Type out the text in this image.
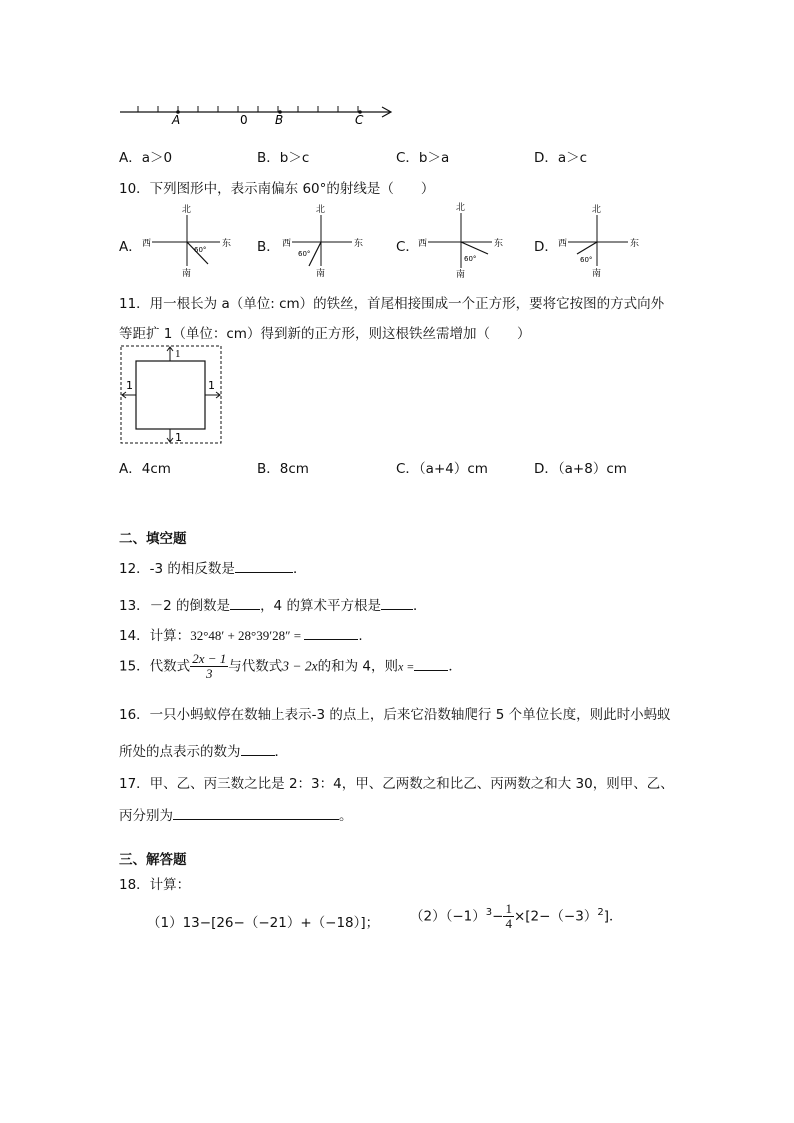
A	0 B	C
A．a＞0	B．b＞c	C．b＞a	D．a＞c
10．下列图形中，表示南偏东 60°的射线是（　　）
A．
北
西	东
南
60°	B．
北
西	东
南
60°	C．
北
西	东
南
60°
D．
北
西	东
南
60°
11．用一根长为 a（单位: cm）的铁丝，首尾相接围成一个正方形，要将它按图的方式向外
等距扩 1（单位：cm）得到新的正方形，则这根铁丝需增加（　　）
1
1
1	1
A．4cm	B．8cm	C．（a+4）cm	D．（a+8）cm
二、填空题
12．-3 的相反数是	．
13．－2 的倒数是 ，4 的算术平方根是 ．
14．计算：32°48′ + 28°39′28″ =	.
15．代数式 $\frac{2x - 1}{3}$ 与代数式3 − 2x的和为 4，则x =	．
16．一只小蚂蚁停在数轴上表示-3 的点上，后来它沿数轴爬行 5 个单位长度，则此时小蚂蚁
所处的点表示的数为	．
17．甲、乙、丙三数之比是 2：3：4，甲、乙两数之和比乙、丙两数之和大 30，则甲、乙、
丙分别为	。
三、解答题
18．计算：
（1）13−[26−（−21）+（−18）]； $(2)(-1)^3- \frac{1}{4} \times[2-(-3)^2]$．
